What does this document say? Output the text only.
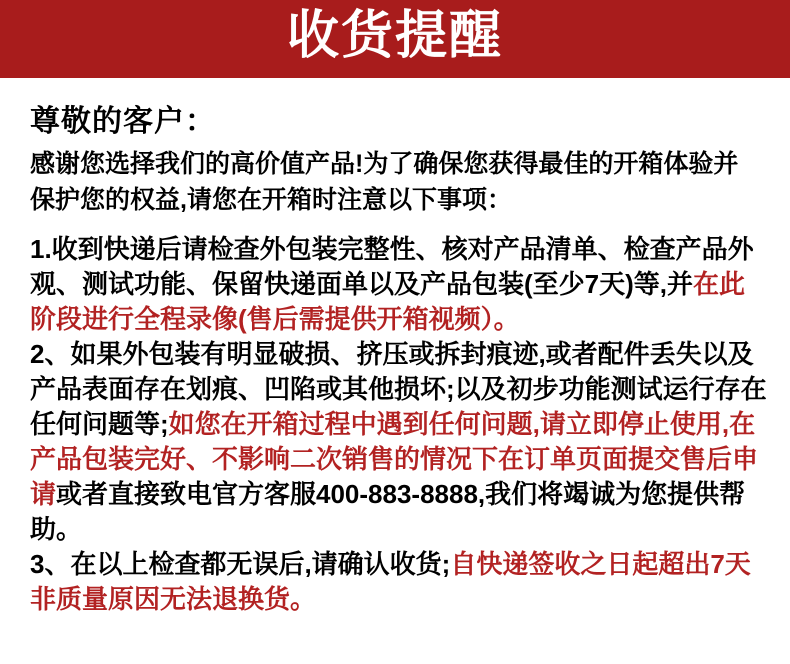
收货提醒
尊敬的客户：

感谢您选择我们的高价值产品!为了确保您获得最佳的开箱体验并

保护您的权益,请您在开箱时注意以下事项：

1.收到快递后请检查外包装完整性、核对产品清单、检查产品外

观、测试功能、保留快递面单以及产品包装(至少7天)等,并在此

阶段进行全程录像(售后需提供开箱视频）。

2、如果外包装有明显破损、挤压或拆封痕迹,或者配件丢失以及

产品表面存在划痕、凹陷或其他损坏;以及初步功能测试运行存在

任何问题等;如您在开箱过程中遇到任何问题,请立即停止使用,在

产品包装完好、不影响二次销售的情况下在订单页面提交售后申

请或者直接致电官方客服400-883-8888,我们将竭诚为您提供帮

助。

3、在以上检查都无误后,请确认收货;自快递签收之日起超出7天

非质量原因无法退换货。
